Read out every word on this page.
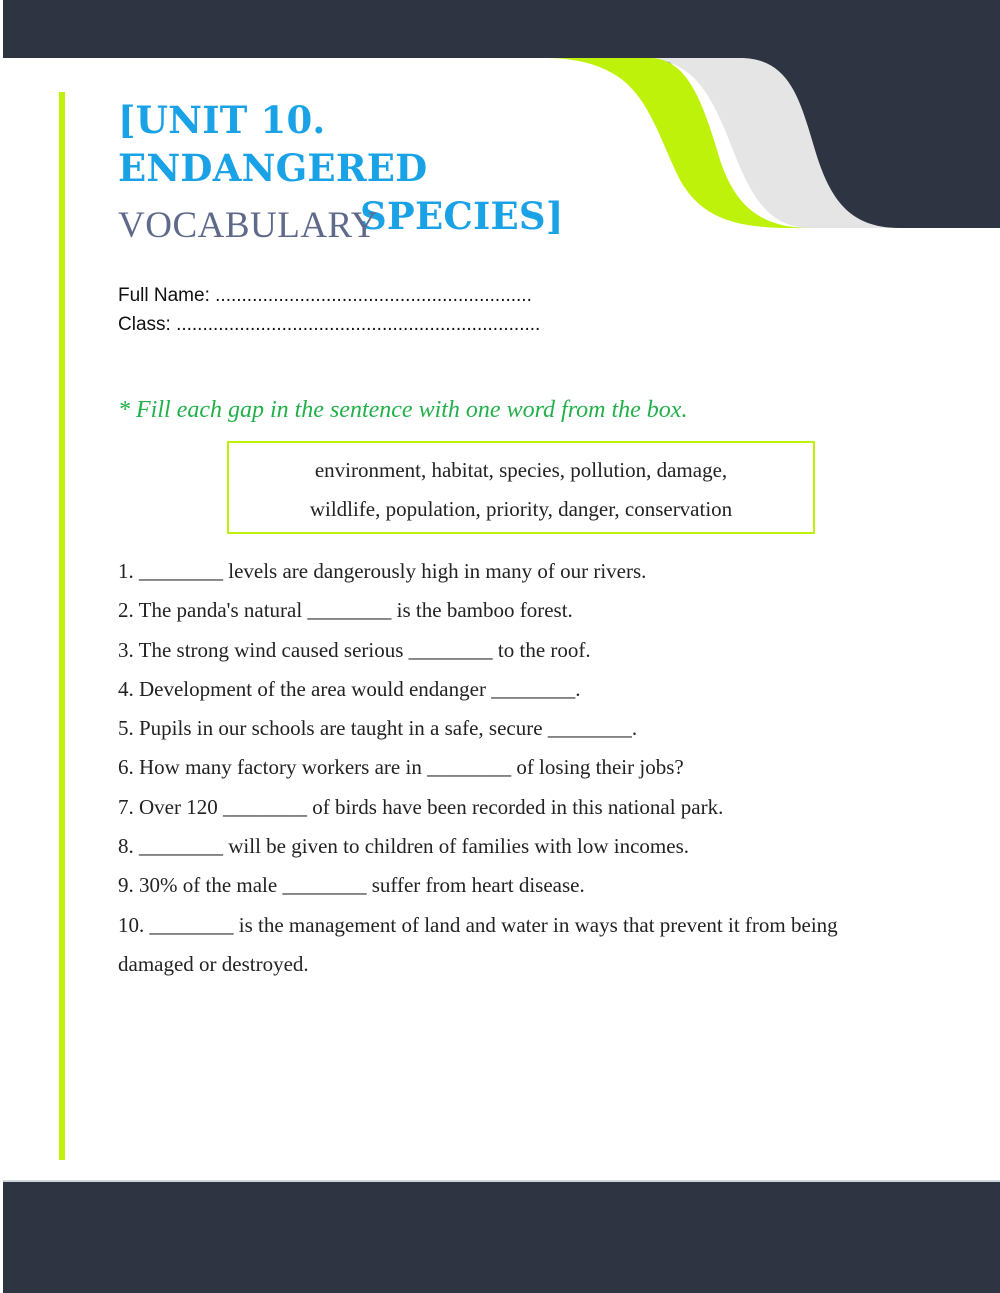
[UNIT 10. ENDANGERED
SPECIES]
VOCABULARY
Full Name: ............................................................
Class: .....................................................................
* Fill each gap in the sentence with one word from the box.
environment, habitat, species, pollution, damage,
wildlife, population, priority, danger, conservation
1. ________ levels are dangerously high in many of our rivers.
2. The panda's natural ________ is the bamboo forest.
3. The strong wind caused serious ________ to the roof.
4. Development of the area would endanger ________.
5. Pupils in our schools are taught in a safe, secure ________.
6. How many factory workers are in ________ of losing their jobs?
7. Over 120 ________ of birds have been recorded in this national park.
8. ________ will be given to children of families with low incomes.
9. 30% of the male ________ suffer from heart disease.
10. ________ is the management of land and water in ways that prevent it from being damaged or destroyed.
